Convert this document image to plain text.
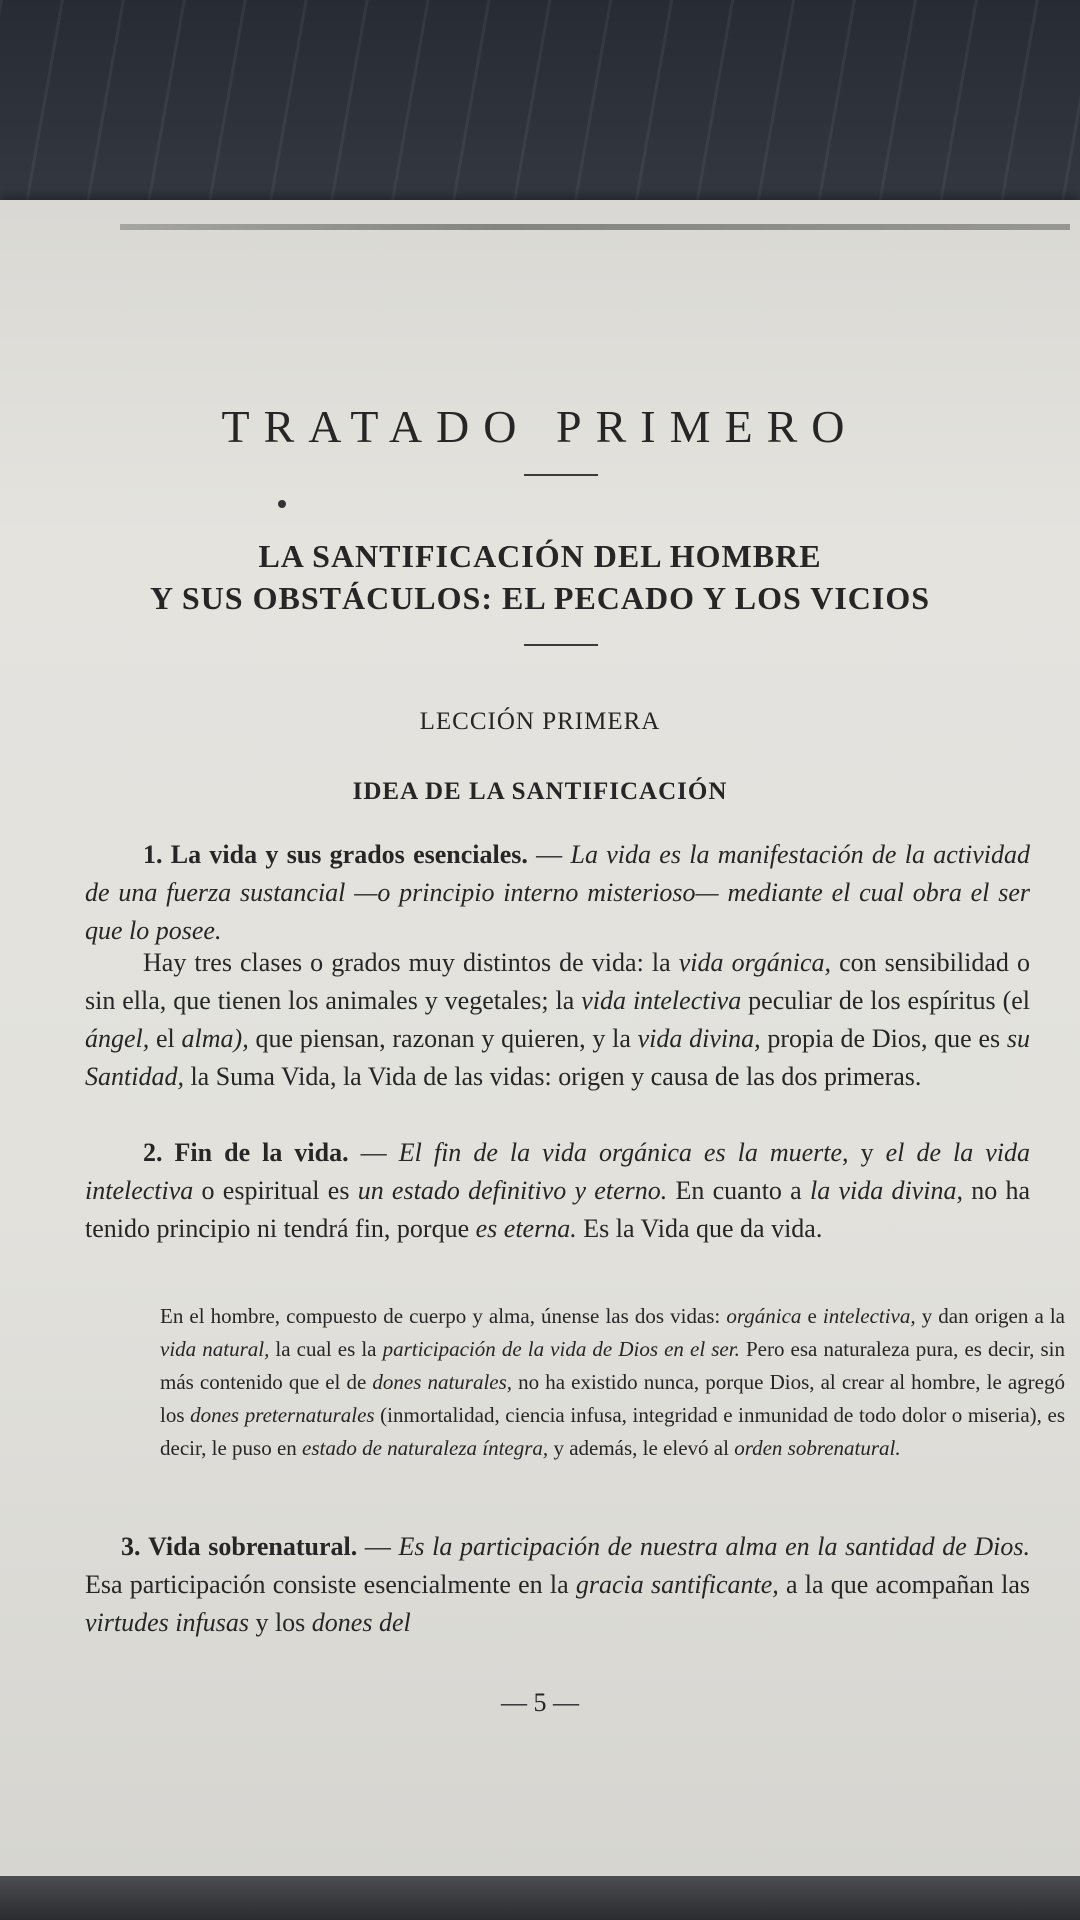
TRATADO PRIMERO
LA SANTIFICACIÓN DEL HOMBRE
Y SUS OBSTÁCULOS: EL PECADO Y LOS VICIOS
LECCIÓN PRIMERA
IDEA DE LA SANTIFICACIÓN
1. La vida y sus grados esenciales. — La vida es la manifestación de la actividad de una fuerza sustancial —o principio interno misterioso— mediante el cual obra el ser que lo posee.
Hay tres clases o grados muy distintos de vida: la vida orgánica, con sensibilidad o sin ella, que tienen los animales y vegetales; la vida intelectiva peculiar de los espíritus (el ángel, el alma), que piensan, razonan y quieren, y la vida divina, propia de Dios, que es su Santidad, la Suma Vida, la Vida de las vidas: origen y causa de las dos primeras.
2. Fin de la vida. — El fin de la vida orgánica es la muerte, y el de la vida intelectiva o espiritual es un estado definitivo y eterno. En cuanto a la vida divina, no ha tenido principio ni tendrá fin, porque es eterna. Es la Vida que da vida.
En el hombre, compuesto de cuerpo y alma, únense las dos vidas: orgánica e intelectiva, y dan origen a la vida natural, la cual es la participación de la vida de Dios en el ser. Pero esa naturaleza pura, es decir, sin más contenido que el de dones naturales, no ha existido nunca, porque Dios, al crear al hombre, le agregó los dones preternaturales (inmortalidad, ciencia infusa, integridad e inmunidad de todo dolor o miseria), es decir, le puso en estado de naturaleza íntegra, y además, le elevó al orden sobrenatural.
3. Vida sobrenatural. — Es la participación de nuestra alma en la santidad de Dios. Esa participación consiste esencialmente en la gracia santificante, a la que acompañan las virtudes infusas y los dones del
— 5 —
